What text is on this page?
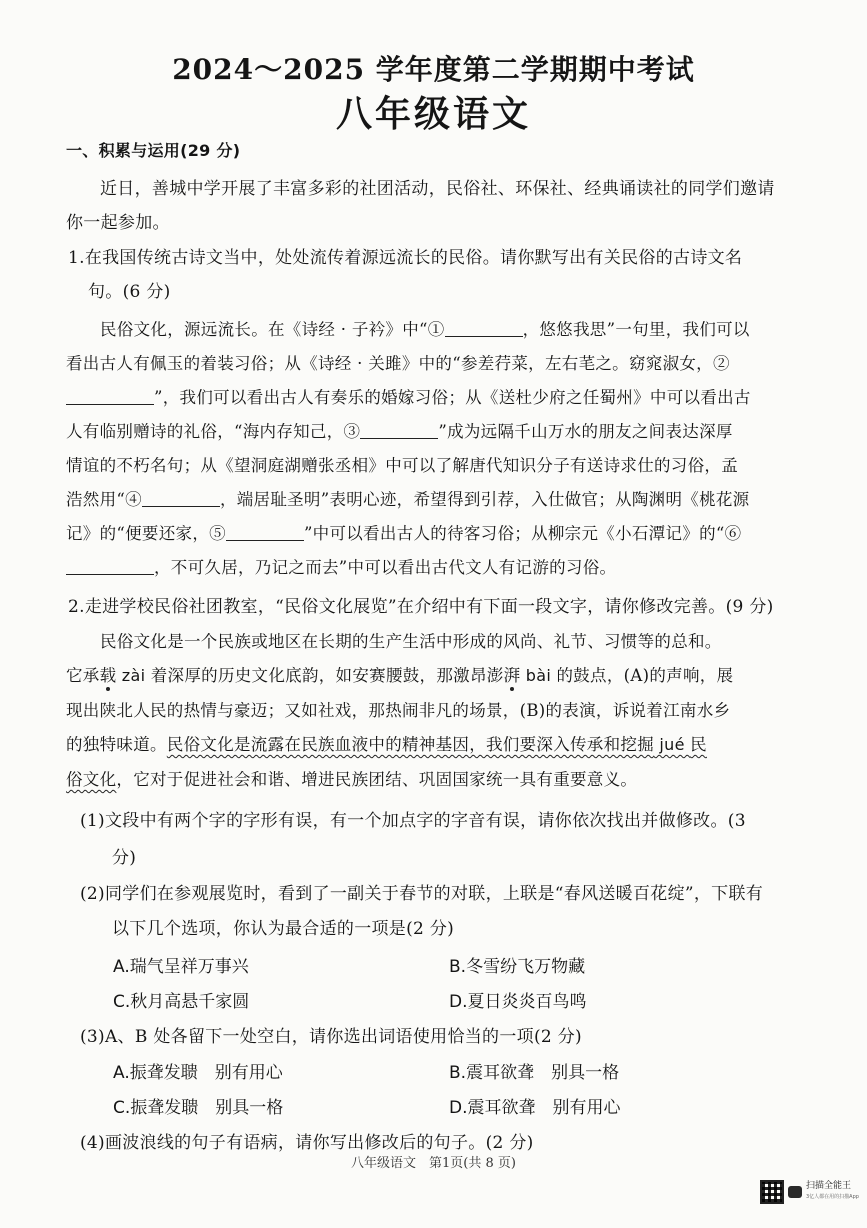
2024～2025 学年度第二学期期中考试
八年级语文
一、积累与运用(29 分)
近日，善城中学开展了丰富多彩的社团活动，民俗社、环保社、经典诵读社的同学们邀请
你一起参加。
1.在我国传统古诗文当中，处处流传着源远流长的民俗。请你默写出有关民俗的古诗文名
句。(6 分)
民俗文化，源远流长。在《诗经 · 子衿》中“①	，悠悠我思”一句里，我们可以
看出古人有佩玉的着装习俗；从《诗经 · 关雎》中的“参差荇菜，左右芼之。窈窕淑女，②
”，我们可以看出古人有奏乐的婚嫁习俗；从《送杜少府之任蜀州》中可以看出古
人有临别赠诗的礼俗，“海内存知己，③	”成为远隔千山万水的朋友之间表达深厚
情谊的不朽名句；从《望洞庭湖赠张丞相》中可以了解唐代知识分子有送诗求仕的习俗，孟
浩然用“④	，端居耻圣明”表明心迹，希望得到引荐，入仕做官；从陶渊明《桃花源
记》的“便要还家，⑤	”中可以看出古人的待客习俗；从柳宗元《小石潭记》的“⑥
，不可久居，乃记之而去”中可以看出古代文人有记游的习俗。
2.走进学校民俗社团教室，“民俗文化展览”在介绍中有下面一段文字，请你修改完善。(9 分)
民俗文化是一个民族或地区在长期的生产生活中形成的风尚、礼节、习惯等的总和。
它承载 zài 着深厚的历史文化底韵，如安赛腰鼓，那激昂澎湃 bài 的鼓点，(A)的声响，展
现出陕北人民的热情与豪迈；又如社戏，那热闹非凡的场景，(B)的表演，诉说着江南水乡
的独特味道。民俗文化是流露在民族血液中的精神基因，我们要深入传承和挖掘 jué 民
俗文化，它对于促进社会和谐、增进民族团结、巩固国家统一具有重要意义。
(1)文段中有两个字的字形有误，有一个加点字的字音有误，请你依次找出并做修改。(3
分)
(2)同学们在参观展览时，看到了一副关于春节的对联，上联是“春风送暖百花绽”，下联有
以下几个选项，你认为最合适的一项是(2 分)
A.瑞气呈祥万事兴	B.冬雪纷飞万物藏
C.秋月高悬千家圆	D.夏日炎炎百鸟鸣
(3)A、B 处各留下一处空白，请你选出词语使用恰当的一项(2 分)
A.振聋发聩　别有用心	B.震耳欲聋　别具一格
C.振聋发聩　别具一格	D.震耳欲聋　别有用心
(4)画波浪线的句子有语病，请你写出修改后的句子。(2 分)
八年级语文　第1页(共 8 页)
扫描全能王
3亿人都在用的扫描App
